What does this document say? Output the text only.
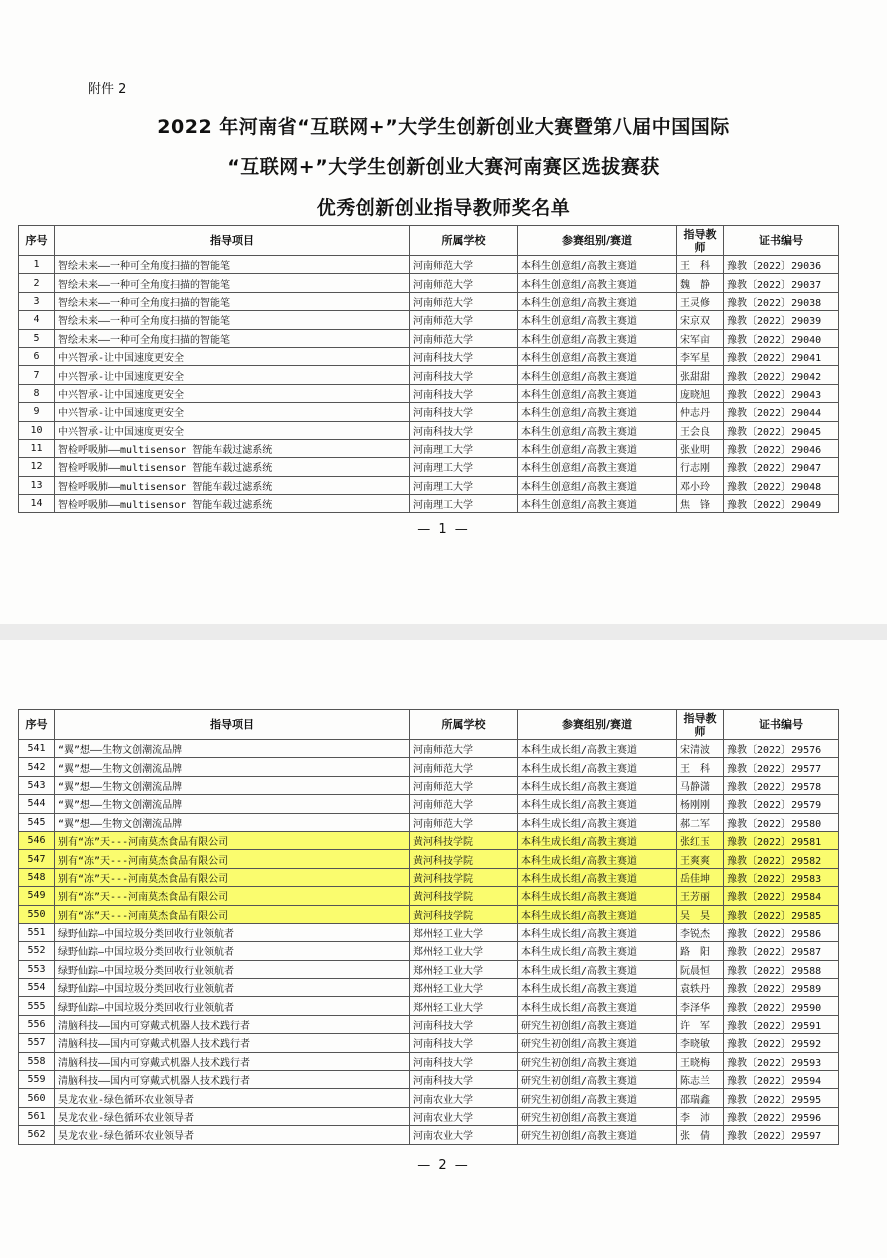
附件 2
2022 年河南省“互联网+”大学生创新创业大赛暨第八届中国国际
“互联网+”大学生创新创业大赛河南赛区选拔赛获
优秀创新创业指导教师奖名单
序号	指导项目	所属学校	参赛组别/赛道	指导教师	证书编号
1	智绘未来——一种可全角度扫描的智能笔	河南师范大学	本科生创意组/高教主赛道	王　科	豫教〔2022〕29036
2	智绘未来——一种可全角度扫描的智能笔	河南师范大学	本科生创意组/高教主赛道	魏　静	豫教〔2022〕29037
3	智绘未来——一种可全角度扫描的智能笔	河南师范大学	本科生创意组/高教主赛道	王灵修	豫教〔2022〕29038
4	智绘未来——一种可全角度扫描的智能笔	河南师范大学	本科生创意组/高教主赛道	宋京双	豫教〔2022〕29039
5	智绘未来——一种可全角度扫描的智能笔	河南师范大学	本科生创意组/高教主赛道	宋军亩	豫教〔2022〕29040
6	中兴智承-让中国速度更安全	河南科技大学	本科生创意组/高教主赛道	李军星	豫教〔2022〕29041
7	中兴智承-让中国速度更安全	河南科技大学	本科生创意组/高教主赛道	张甜甜	豫教〔2022〕29042
8	中兴智承-让中国速度更安全	河南科技大学	本科生创意组/高教主赛道	庞晓旭	豫教〔2022〕29043
9	中兴智承-让中国速度更安全	河南科技大学	本科生创意组/高教主赛道	仲志丹	豫教〔2022〕29044
10	中兴智承-让中国速度更安全	河南科技大学	本科生创意组/高教主赛道	王会良	豫教〔2022〕29045
11	智检呼吸肺——multisensor 智能车载过滤系统	河南理工大学	本科生创意组/高教主赛道	张业明	豫教〔2022〕29046
12	智检呼吸肺——multisensor 智能车载过滤系统	河南理工大学	本科生创意组/高教主赛道	行志刚	豫教〔2022〕29047
13	智检呼吸肺——multisensor 智能车载过滤系统	河南理工大学	本科生创意组/高教主赛道	邓小玲	豫教〔2022〕29048
14	智检呼吸肺——multisensor 智能车载过滤系统	河南理工大学	本科生创意组/高教主赛道	焦　锋	豫教〔2022〕29049
— 1 —
序号	指导项目	所属学校	参赛组别/赛道	指导教师	证书编号
541	“翼”想——生物文创潮流品牌	河南师范大学	本科生成长组/高教主赛道	宋清波	豫教〔2022〕29576
542	“翼”想——生物文创潮流品牌	河南师范大学	本科生成长组/高教主赛道	王　科	豫教〔2022〕29577
543	“翼”想——生物文创潮流品牌	河南师范大学	本科生成长组/高教主赛道	马静潇	豫教〔2022〕29578
544	“翼”想——生物文创潮流品牌	河南师范大学	本科生成长组/高教主赛道	杨刚刚	豫教〔2022〕29579
545	“翼”想——生物文创潮流品牌	河南师范大学	本科生成长组/高教主赛道	郝二军	豫教〔2022〕29580
546	别有“冻”天---河南莫杰食品有限公司	黄河科技学院	本科生成长组/高教主赛道	张红玉	豫教〔2022〕29581
547	别有“冻”天---河南莫杰食品有限公司	黄河科技学院	本科生成长组/高教主赛道	王爽爽	豫教〔2022〕29582
548	别有“冻”天---河南莫杰食品有限公司	黄河科技学院	本科生成长组/高教主赛道	岳佳坤	豫教〔2022〕29583
549	别有“冻”天---河南莫杰食品有限公司	黄河科技学院	本科生成长组/高教主赛道	王芳丽	豫教〔2022〕29584
550	别有“冻”天---河南莫杰食品有限公司	黄河科技学院	本科生成长组/高教主赛道	吴　昊	豫教〔2022〕29585
551	绿野仙踪—中国垃圾分类回收行业领航者	郑州轻工业大学	本科生成长组/高教主赛道	李锐杰	豫教〔2022〕29586
552	绿野仙踪—中国垃圾分类回收行业领航者	郑州轻工业大学	本科生成长组/高教主赛道	路　阳	豫教〔2022〕29587
553	绿野仙踪—中国垃圾分类回收行业领航者	郑州轻工业大学	本科生成长组/高教主赛道	阮晨恒	豫教〔2022〕29588
554	绿野仙踪—中国垃圾分类回收行业领航者	郑州轻工业大学	本科生成长组/高教主赛道	袁轶丹	豫教〔2022〕29589
555	绿野仙踪—中国垃圾分类回收行业领航者	郑州轻工业大学	本科生成长组/高教主赛道	李泽华	豫教〔2022〕29590
556	清脑科技——国内可穿戴式机器人技术践行者	河南科技大学	研究生初创组/高教主赛道	许　军	豫教〔2022〕29591
557	清脑科技——国内可穿戴式机器人技术践行者	河南科技大学	研究生初创组/高教主赛道	李晓敏	豫教〔2022〕29592
558	清脑科技——国内可穿戴式机器人技术践行者	河南科技大学	研究生初创组/高教主赛道	王晓梅	豫教〔2022〕29593
559	清脑科技——国内可穿戴式机器人技术践行者	河南科技大学	研究生初创组/高教主赛道	陈志兰	豫教〔2022〕29594
560	昊龙农业-绿色循环农业领导者	河南农业大学	研究生初创组/高教主赛道	邵瑞鑫	豫教〔2022〕29595
561	昊龙农业-绿色循环农业领导者	河南农业大学	研究生初创组/高教主赛道	李　沛	豫教〔2022〕29596
562	昊龙农业-绿色循环农业领导者	河南农业大学	研究生初创组/高教主赛道	张　倩	豫教〔2022〕29597
— 2 —
